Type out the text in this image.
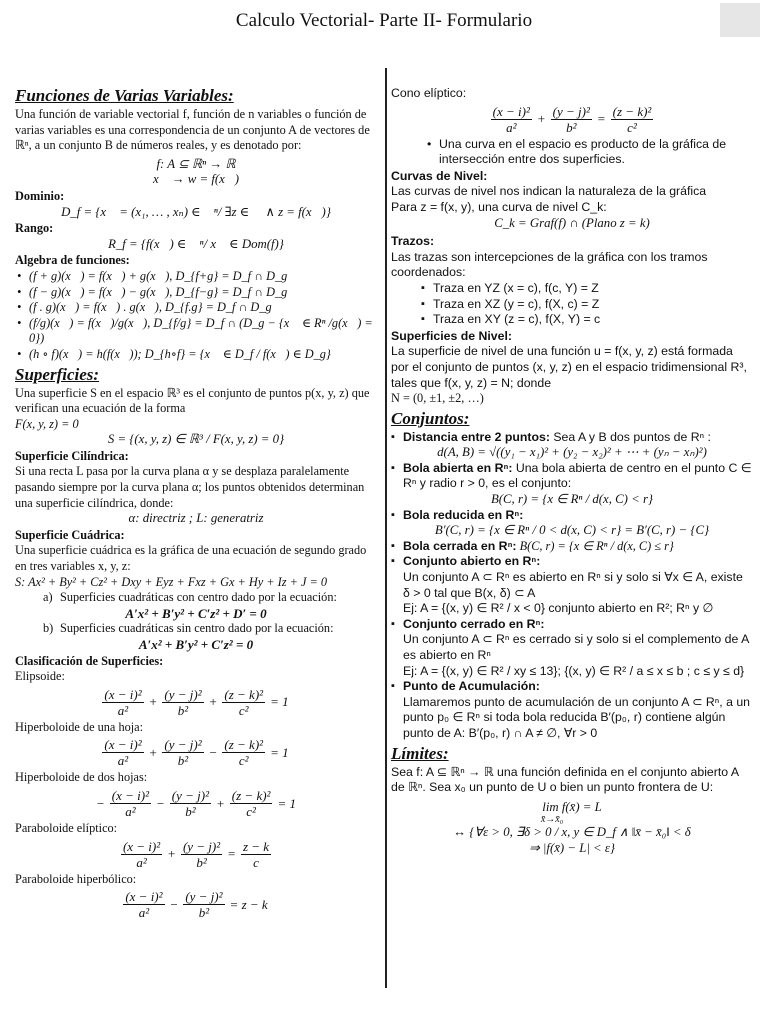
Calculo Vectorial- Parte II- Formulario
Funciones de Varias Variables:
Una función de variable vectorial f, función de n variables o función de varias variables es una correspondencia de un conjunto A de vectores de ℝⁿ, a un conjunto B de números reales, y es denotado por:
f: A ⊆ ℝⁿ → ℝ
x⃗ → w = f(x⃗)
Dominio:
D_f = {x⃗ = (x₁, … , xₙ) ∈ ℝⁿ/ ∃z ∈ ℝ ∧ z = f(x⃗)}
Rango:
R_f = {f(x⃗) ∈ ℝⁿ/ x⃗ ∈ Dom(f)}
Algebra de funciones:
• (f + g)(x⃗) = f(x⃗) + g(x⃗), D_{f+g} = D_f ∩ D_g
• (f − g)(x⃗) = f(x⃗) − g(x⃗), D_{f−g} = D_f ∩ D_g
• (f . g)(x⃗) = f(x⃗) . g(x⃗), D_{f.g} = D_f ∩ D_g
• (f/g)(x⃗) = f(x⃗)/g(x⃗), D_{f/g} = D_f ∩ (D_g − {x⃗ ∈ Rⁿ /g(x⃗) = 0})
• (h ∘ f)(x⃗) = h(f(x⃗)); D_{h∘f} = {x⃗ ∈ D_f / f(x⃗) ∈ D_g}
Superficies:
Una superficie S en el espacio ℝ³ es el conjunto de puntos p(x, y, z) que verifican una ecuación de la forma
F(x, y, z) = 0
S = {(x, y, z) ∈ ℝ³ / F(x, y, z) = 0}
Superficie Cilíndrica:
Si una recta L pasa por la curva plana α y se desplaza paralelamente pasando siempre por la curva plana α; los puntos obtenidos determinan una superficie cilíndrica, donde:
α: directriz ; L: generatriz
Superficie Cuádrica:
Una superficie cuádrica es la gráfica de una ecuación de segundo grado en tres variables x, y, z:
S: Ax² + By² + Cz² + Dxy + Eyz + Fxz + Gx + Hy + Iz + J = 0
a) Superficies cuadráticas con centro dado por la ecuación:
A′x² + B′y² + C′z² + D′ = 0
b) Superficies cuadráticas sin centro dado por la ecuación:
A′x² + B′y² + C′z² = 0
Clasificación de Superficies:
Elipsoide:
$\frac{\text{(x − i)²}}{\text{a²}} + \frac{\text{(y − j)²}}{\text{b²}} + \frac{\text{(z − k)²}}{\text{c²}} = 1$
Hiperboloide de una hoja:
$\frac{\text{(x − i)²}}{\text{a²}} + \frac{\text{(y − j)²}}{\text{b²}} - \frac{\text{(z − k)²}}{\text{c²}} = 1$
Hiperboloide de dos hojas:
− $\frac{\text{(x − i)²}}{\text{a²}} - \frac{\text{(y − j)²}}{\text{b²}} + \frac{\text{(z − k)²}}{\text{c²}} = 1$
Paraboloide elíptico:
$\frac{\text{(x − i)²}}{\text{a²}} + \frac{\text{(y − j)²}}{\text{b²}} = \frac{z - k}{c}$
Paraboloide hiperbólico:
$\frac{\text{(x − i)²}}{\text{a²}} - \frac{\text{(y − j)²}}{\text{b²}} = z - k$
Cono elíptico:
$\frac{\text{(x − i)²}}{\text{a²}} + \frac{\text{(y − j)²}}{\text{b²}} = \frac{\text{(z − k)²}}{\text{c²}}$
• Una curva en el espacio es producto de la gráfica de intersección entre dos superficies.
Curvas de Nivel:
Las curvas de nivel nos indican la naturaleza de la gráfica
Para z = f(x, y), una curva de nivel C_k:
C_k = Graf(f) ∩ (Plano z = k)
Trazos:
Las trazas son intercepciones de la gráfica con los tramos coordenados:
▪ Traza en YZ (x = c), f(c, Y) = Z
▪ Traza en XZ (y = c), f(X, c) = Z
▪ Traza en XY (z = c), f(X, Y) = c
Superficies de Nivel:
La superficie de nivel de una función u = f(x, y, z) está formada por el conjunto de puntos (x, y, z) en el espacio tridimensional R³, tales que f(x, y, z) = N; donde
N = (0, ±1, ±2, …)
Conjuntos:
▪ Distancia entre 2 puntos: Sea A y B dos puntos de Rⁿ :
d(A, B) = √((y₁ − x₁)² + (y₂ − x₂)² + ⋯ + (yₙ − xₙ)²)
▪ Bola abierta en Rⁿ: Una bola abierta de centro en el punto C ∈ Rⁿ y radio r > 0, es el conjunto:
B(C, r) = {x ∈ Rⁿ / d(x, C) < r}
▪ Bola reducida en Rⁿ:
B′(C, r) = {x ∈ Rⁿ / 0 < d(x, C) < r} = B′(C, r) − {C}
▪ Bola cerrada en Rⁿ: B(C, r) = {x ∈ Rⁿ / d(x, C) ≤ r}
▪ Conjunto abierto en Rⁿ:
Un conjunto A ⊂ Rⁿ es abierto en Rⁿ si y solo si ∀x ∈ A, existe δ > 0 tal que B(x, δ) ⊂ A
Ej: A = {(x, y) ∈ R² / x < 0} conjunto abierto en R²; Rⁿ y ∅
▪ Conjunto cerrado en Rⁿ:
Un conjunto A ⊂ Rⁿ es cerrado si y solo si el complemento de A es abierto en Rⁿ
Ej: A = {(x, y) ∈ R² / xy ≤ 13}; {(x, y) ∈ R² / a ≤ x ≤ b ; c ≤ y ≤ d}
▪ Punto de Acumulación:
Llamaremos punto de acumulación de un conjunto A ⊂ Rⁿ, a un punto p₀ ∈ Rⁿ si toda bola reducida B′(p₀, r) contiene algún punto de A: B′(p₀, r) ∩ A ≠ ∅, ∀r > 0
Límites:
Sea f: A ⊆ ℝⁿ → ℝ una función definida en el conjunto abierto A de ℝⁿ. Sea x₀ un punto de U o bien un punto frontera de U:
lim f(x̄) = L
x̄→x̄₀
↔ {∀ε > 0, ∃δ > 0 / x, y ∈ D_f ∧ ‖x̄ − x̄₀‖ < δ
⇒ |f(x̄) − L| < ε}
